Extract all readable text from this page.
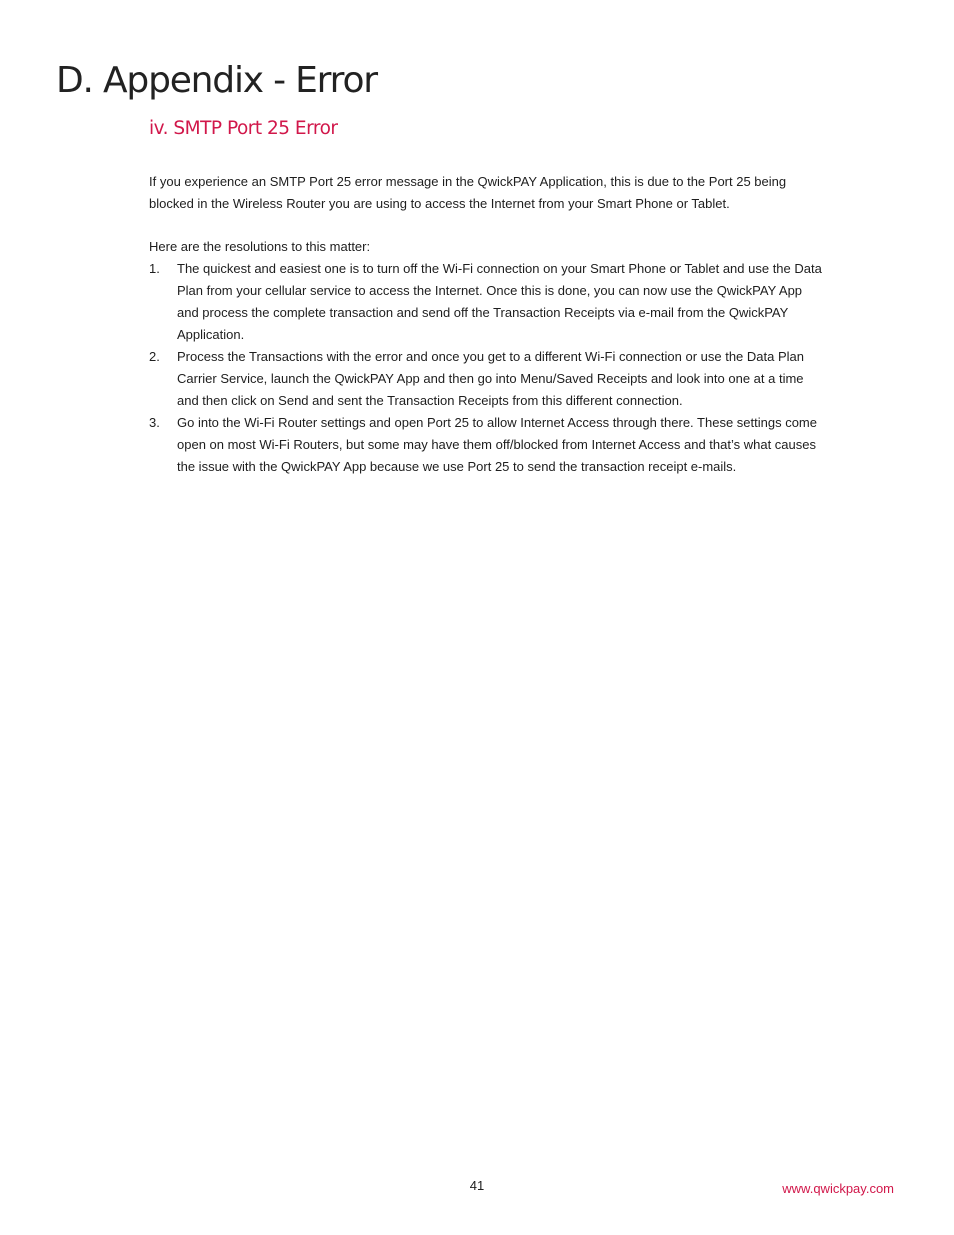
D. Appendix - Error
iv. SMTP Port 25 Error

If you experience an SMTP Port 25 error message in the QwickPAY Application, this is due to the Port 25 being blocked in the Wireless Router you are using to access the Internet from your Smart Phone or Tablet.

Here are the resolutions to this matter:

1.	The quickest and easiest one is to turn off the Wi-Fi connection on your Smart Phone or Tablet and use the Data Plan from your cellular service to access the Internet. Once this is done, you can now use the QwickPAY App and process the complete transaction and send off the Transaction Receipts via e-mail from the QwickPAY Application.
2.	Process the Transactions with the error and once you get to a different Wi-Fi connection or use the Data Plan Carrier Service, launch the QwickPAY App and then go into Menu/Saved Receipts and look into one at a time and then click on Send and sent the Transaction Receipts from this different connection.
3.	Go into the Wi-Fi Router settings and open Port 25 to allow Internet Access through there. These settings come open on most Wi-Fi Routers, but some may have them off/blocked from Internet Access and that’s what causes the issue with the QwickPAY App because we use Port 25 to send the transaction receipt e-mails.
41	www.qwickpay.com
